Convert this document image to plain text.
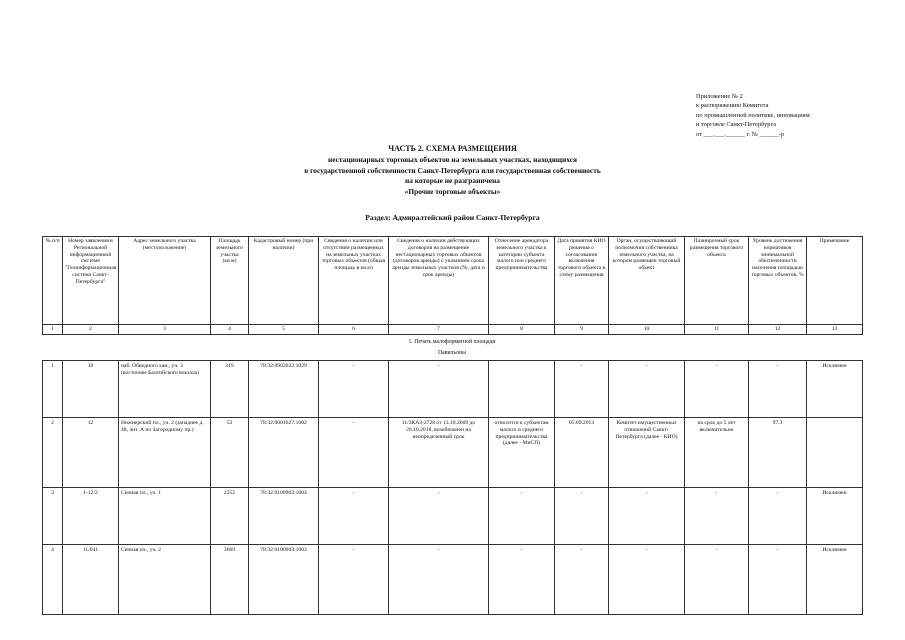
Приложение № 2
к распоряжению Комитета
по промышленной политике, инновациям
и торговле Санкт-Петербурга
от ___.___.______ г. № ______-р
ЧАСТЬ 2. СХЕМА РАЗМЕЩЕНИЯ
нестационарных торговых объектов на земельных участках, находящихся
в государственной собственности Санкт-Петербурга или государственная собственность
на которые не разграничена
«Прочие торговые объекты»
Раздел: Адмиралтейский район Санкт-Петербурга
№ п/п	Номер заявления в Региональной информационной системе "Геоинформационная система Санкт-Петербурга"	Адрес земельного участка (местоположение)	Площадь земельного участка (кв.м)	Кадастровый номер (при наличии)	Сведения о наличии или отсутствии размещенных на земельных участках торговых объектов (общая площадь в кв.м)	Сведения о наличии действующих договоров на размещение нестационарных торговых объектов (договоров аренды) с указанием срока аренды земельных участков (№, дата и срок аренды)	Отнесение арендатора земельного участка к категории субъекта малого или среднего предпринимательства	Дата принятия КИО решения о согласовании включения торгового объекта в схему размещения	Орган, осуществляющий полномочия собственника земельного участка, на котором размещен торговый объект	Планируемый срок размещения торгового объекта	Уровень достижения нормативов минимальной обеспеченности населения площадью торговых объектов, %	Примечание
1	2	3	4	5	6	7	8	9	10	11	12	13
1. Печать малоформатной площади
Павильоны
1	10	наб. Обводного кан., уч. 3 (восточнее Балтийского вокзала)	319	78:32:0902022:1029	-	-		-	-	-	-	Исключен
2	12	Нижнерский пл., уч. 2 (западнее д. 48, лит. А по Загородному пр.)	53	78:32:0001627:1002	-	11/ЗКАЗ-2728 от 13.10.2009 до 28.10.2018, возобновлен на неопределенный срок	относится к субъектам малого и среднего предпринимательства (далее - МиСП)	05.09.2013	Комитет имущественных отношений Санкт-Петербурга (далее - КИО)	на срок до 5 лет включительно	97.3	
3	1-12/2	Сенная пл., уч. 1	2252	78:32:0100903:1004	-	-	-	-	-	-	-	Исключен
4	11/041	Сенная пл., уч. 2	3669	78:32:0100903:1003	-	-	-	-	-	-	-	Исключен
